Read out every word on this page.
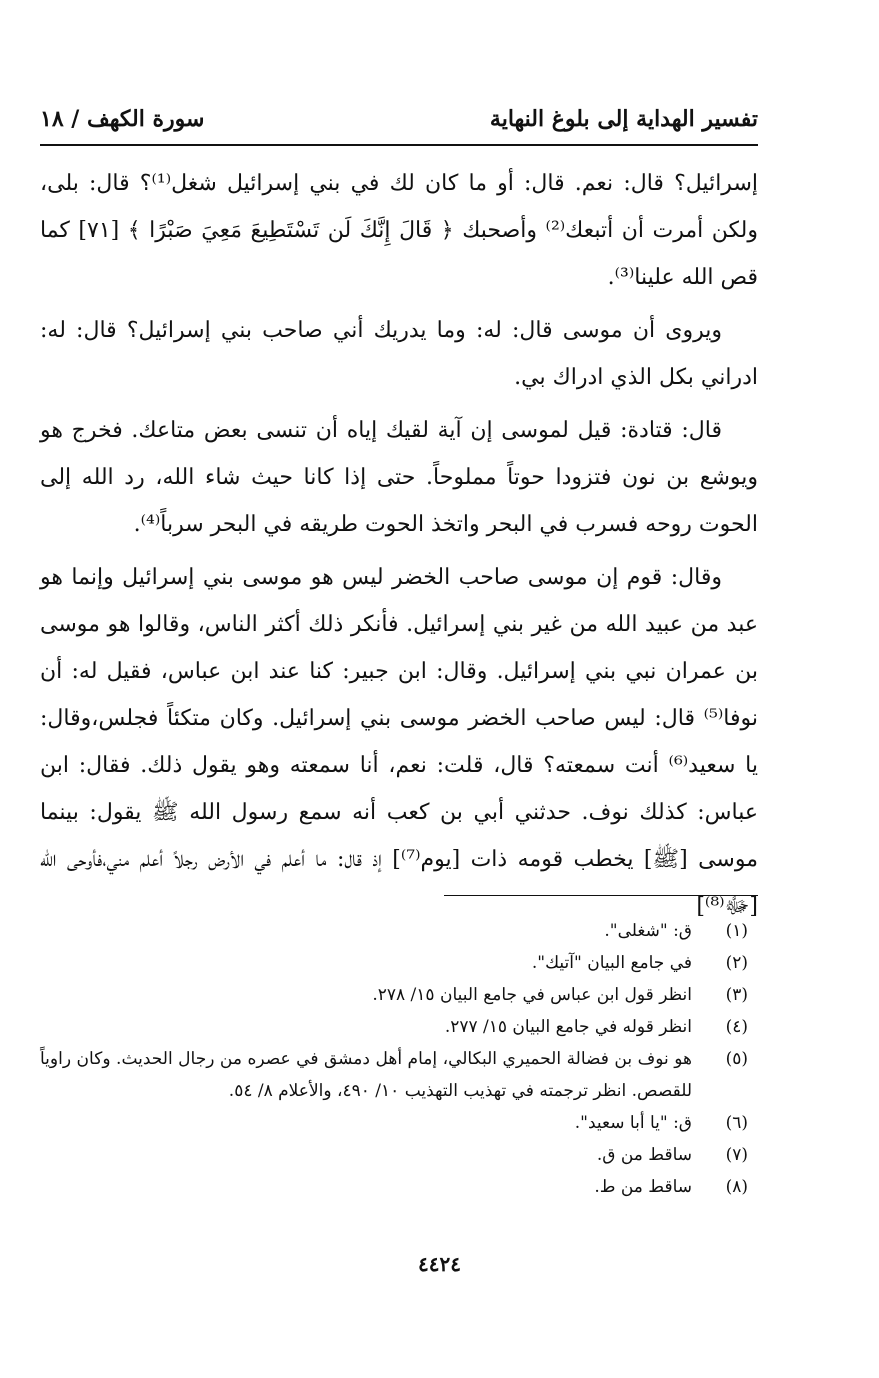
تفسير الهداية إلى بلوغ النهاية
سورة الكهف / ١٨

إسرائيل؟ قال: نعم. قال: أو ما كان لك في بني إسرائيل شغل⁽¹⁾؟ قال: بلى، ولكن أمرت أن أتبعك⁽²⁾ وأصحبك ﴿ قَالَ إِنَّكَ لَن تَسْتَطِيعَ مَعِيَ صَبْرًا ﴾ [٧١] كما قص الله علينا⁽³⁾.

ويروى أن موسى قال: له: وما يدريك أني صاحب بني إسرائيل؟ قال: له: ادراني بكل الذي ادراك بي.

قال: قتادة: قيل لموسى إن آية لقيك إياه أن تنسى بعض متاعك. فخرج هو ويوشع بن نون فتزودا حوتاً مملوحاً. حتى إذا كانا حيث شاء الله، رد الله إلى الحوت روحه فسرب في البحر واتخذ الحوت طريقه في البحر سرباً⁽⁴⁾.

وقال: قوم إن موسى صاحب الخضر ليس هو موسى بني إسرائيل وإنما هو عبد من عبيد الله من غير بني إسرائيل. فأنكر ذلك أكثر الناس، وقالوا هو موسى بن عمران نبي بني إسرائيل. وقال: ابن جبير: كنا عند ابن عباس، فقيل له: أن نوفا⁽⁵⁾ قال: ليس صاحب الخضر موسى بني إسرائيل. وكان متكئاً فجلس،وقال: يا سعيد⁽⁶⁾ أنت سمعته؟ قال، قلت: نعم، أنا سمعته وهو يقول ذلك. فقال: ابن عباس: كذلك نوف. حدثني أبي بن كعب أنه سمع رسول الله ﷺ يقول: بينما موسى [ﷺ] يخطب قومه ذات [يوم⁽⁷⁾] إذ قال: ما أعلم في الأرض رجلاً أعلم مني،فأوحى الله [ﷻ⁽⁸⁾]

(١)
ق: "شغلى".
(٢)
في جامع البيان "آتيك".
(٣)
انظر قول ابن عباس في جامع البيان ١٥/ ٢٧٨.
(٤)
انظر قوله في جامع البيان ١٥/ ٢٧٧.
(٥)
هو نوف بن فضالة الحميري البكالي، إمام أهل دمشق في عصره من رجال الحديث. وكان راوياً للقصص. انظر ترجمته في تهذيب التهذيب ١٠/ ٤٩٠، والأعلام ٨/ ٥٤.
(٦)
ق: "يا أبا سعيد".
(٧)
ساقط من ق.
(٨)
ساقط من ط.
٤٤٢٤
